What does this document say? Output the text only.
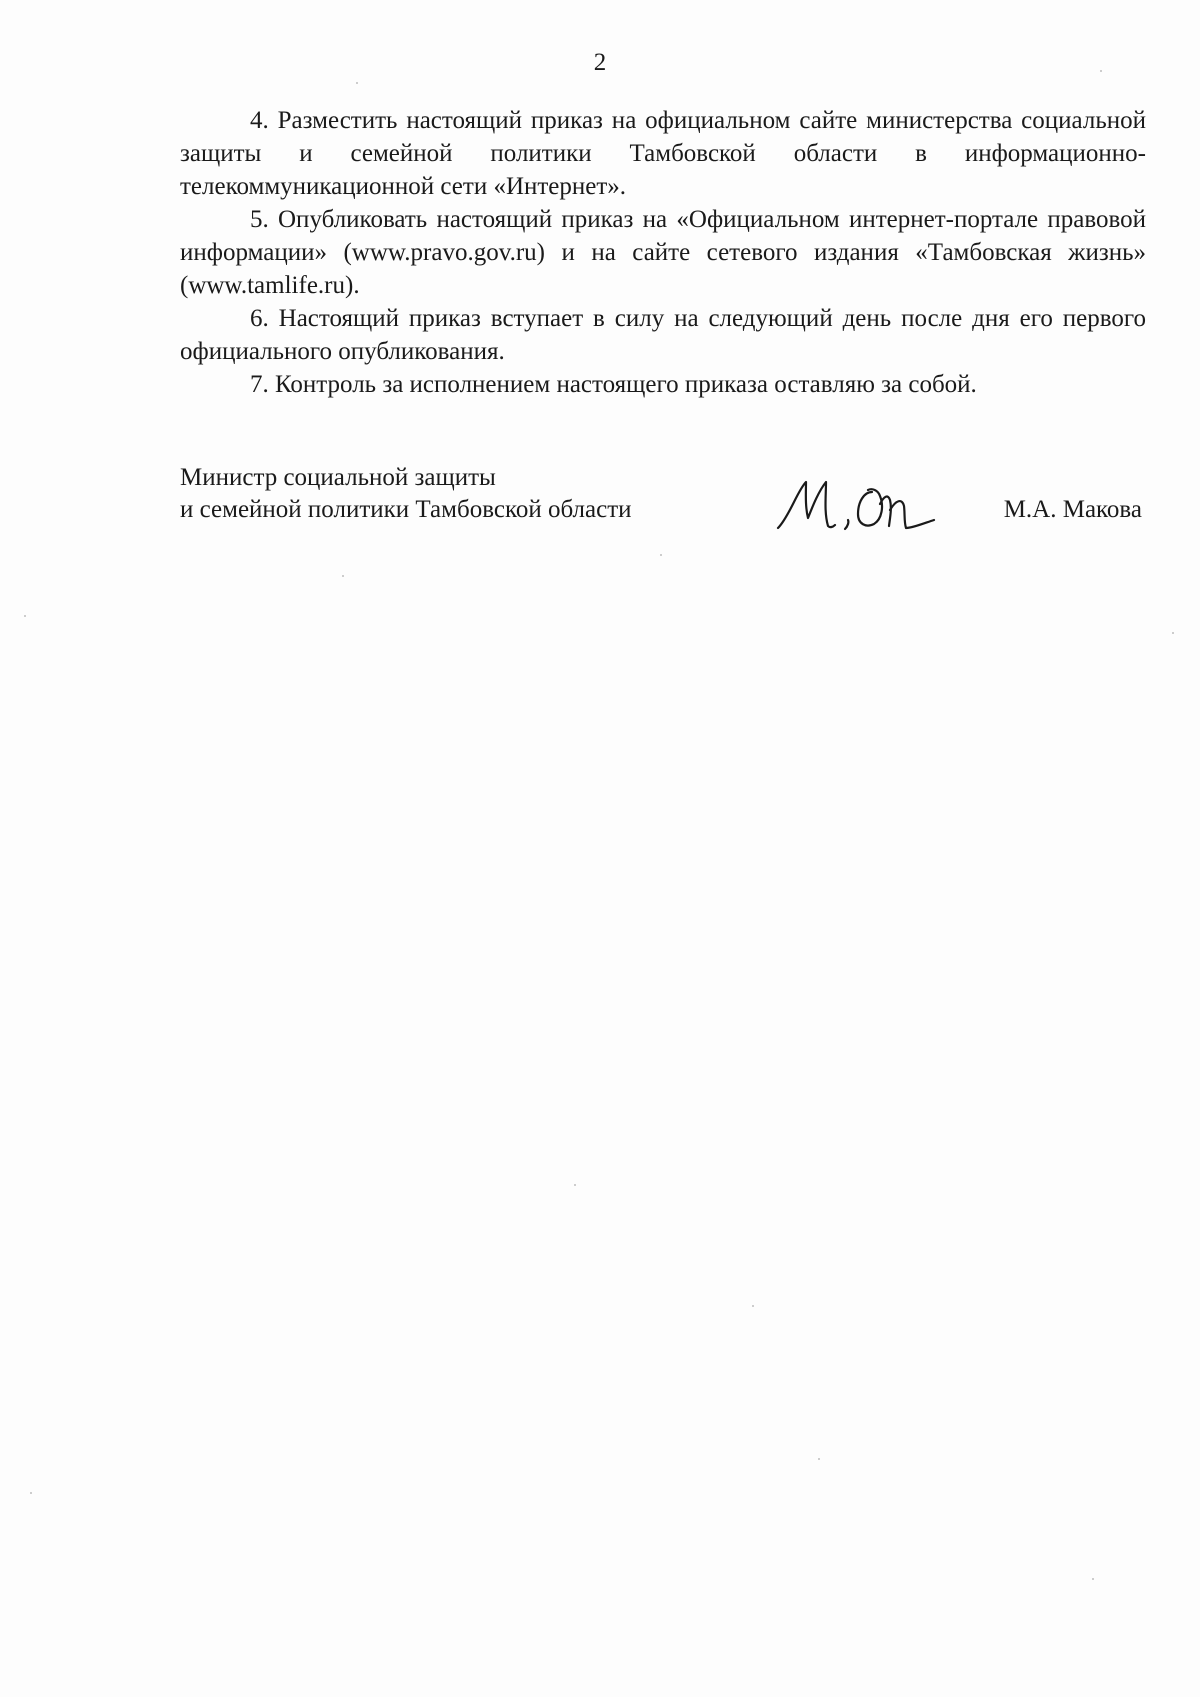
2

4. Разместить настоящий приказ на официальном сайте министерства социальной защиты и семейной политики Тамбовской области в информационно-телекоммуникационной сети «Интернет».

5. Опубликовать настоящий приказ на «Официальном интернет-портале правовой информации» (www.pravo.gov.ru) и на сайте сетевого издания «Тамбовская жизнь» (www.tamlife.ru).

6. Настоящий приказ вступает в силу на следующий день после дня его первого официального опубликования.

7. Контроль за исполнением настоящего приказа оставляю за собой.

Министр социальной защиты
и семейной политики Тамбовской области	М.А. Макова
